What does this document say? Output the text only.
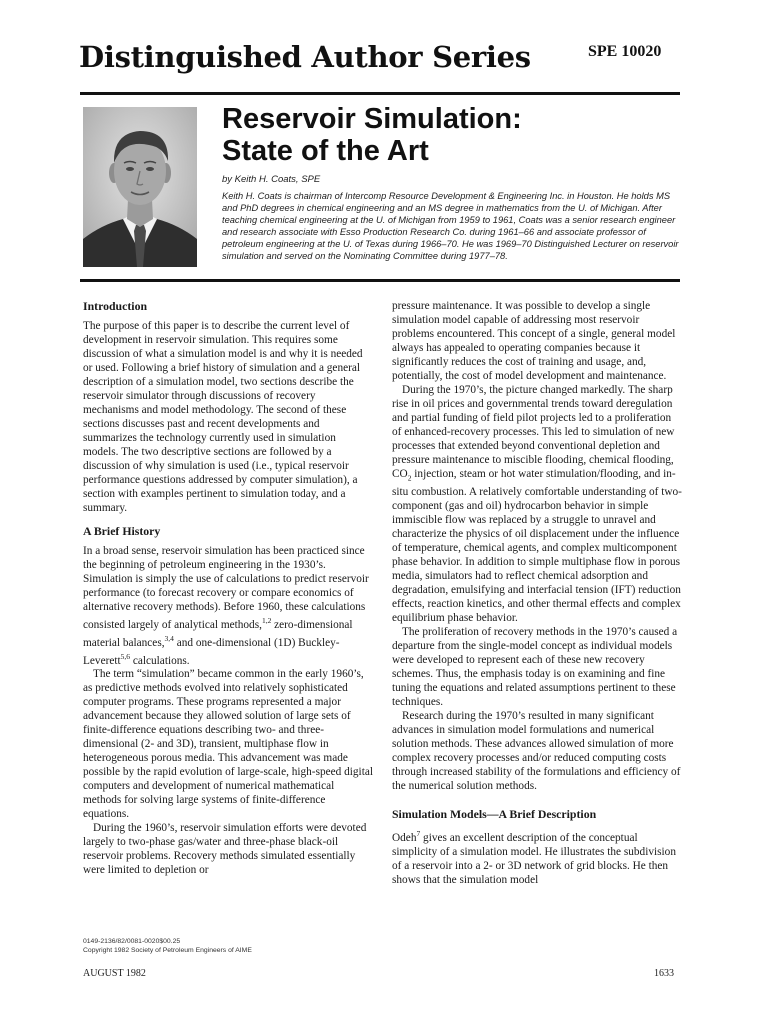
Distinguished Author Series	SPE 10020
Reservoir Simulation:
State of the Art
by Keith H. Coats, SPE
Keith H. Coats is chairman of Intercomp Resource Development & Engineering Inc. in Houston. He holds MS and PhD degrees in chemical engineering and an MS degree in mathematics from the U. of Michigan. After teaching chemical engineering at the U. of Michigan from 1959 to 1961, Coats was a senior research engineer and research associate with Esso Production Research Co. during 1961–66 and associate professor of petroleum engineering at the U. of Texas during 1966–70. He was 1969–70 Distinguished Lecturer on reservoir simulation and served on the Nominating Committee during 1977–78.
Introduction

The purpose of this paper is to describe the current level of development in reservoir simulation. This requires some discussion of what a simulation model is and why it is needed or used. Following a brief history of simulation and a general description of a simulation model, two sections describe the reservoir simulator through discussions of recovery mechanisms and model methodology. The second of these sections discusses past and recent developments and summarizes the technology currently used in simulation models. The two descriptive sections are followed by a discussion of why simulation is used (i.e., typical reservoir performance questions addressed by computer simulation), a section with examples pertinent to simulation today, and a summary.

A Brief History

In a broad sense, reservoir simulation has been practiced since the beginning of petroleum engineering in the 1930’s. Simulation is simply the use of calculations to predict reservoir performance (to forecast recovery or compare economics of alternative recovery methods). Before 1960, these calculations consisted largely of analytical methods,$^{1,2}$ zero-dimensional material balances,$^{3,4}$ and one-dimensional (1D) Buckley-Leverett$^{5,6}$ calculations.

The term “simulation” became common in the early 1960’s, as predictive methods evolved into relatively sophisticated computer programs. These programs represented a major advancement because they allowed solution of large sets of finite-difference equations describing two- and three-dimensional (2- and 3D), transient, multiphase flow in heterogeneous porous media. This advancement was made possible by the rapid evolution of large-scale, high-speed digital computers and development of numerical mathematical methods for solving large systems of finite-difference equations.

During the 1960’s, reservoir simulation efforts were devoted largely to two-phase gas/water and three-phase black-oil reservoir problems. Recovery methods simulated essentially were limited to depletion or

pressure maintenance. It was possible to develop a single simulation model capable of addressing most reservoir problems encountered. This concept of a single, general model always has appealed to operating companies because it significantly reduces the cost of training and usage, and, potentially, the cost of model development and maintenance.

During the 1970’s, the picture changed markedly. The sharp rise in oil prices and governmental trends toward deregulation and partial funding of field pilot projects led to a proliferation of enhanced-recovery processes. This led to simulation of new processes that extended beyond conventional depletion and pressure maintenance to miscible flooding, chemical flooding, $CO_2$ injection, steam or hot water stimulation/flooding, and in-situ combustion. A relatively comfortable understanding of two-component (gas and oil) hydrocarbon behavior in simple immiscible flow was replaced by a struggle to unravel and characterize the physics of oil displacement under the influence of temperature, chemical agents, and complex multicomponent phase behavior. In addition to simple multiphase flow in porous media, simulators had to reflect chemical adsorption and degradation, emulsifying and interfacial tension (IFT) reduction effects, reaction kinetics, and other thermal effects and complex equilibrium phase behavior.

The proliferation of recovery methods in the 1970’s caused a departure from the single-model concept as individual models were developed to represent each of these new recovery schemes. Thus, the emphasis today is on examining and fine tuning the equations and related assumptions pertinent to these techniques.

Research during the 1970’s resulted in many significant advances in simulation model formulations and numerical solution methods. These advances allowed simulation of more complex recovery processes and/or reduced computing costs through increased stability of the formulations and efficiency of the numerical solution methods.

Simulation Models—A Brief Description

Odeh$^7$ gives an excellent description of the conceptual simplicity of a simulation model. He illustrates the subdivision of a reservoir into a 2- or 3D network of grid blocks. He then shows that the simulation model

0149-2136/82/0081-0020$00.25
Copyright 1982 Society of Petroleum Engineers of AIME
AUGUST 1982	1633
